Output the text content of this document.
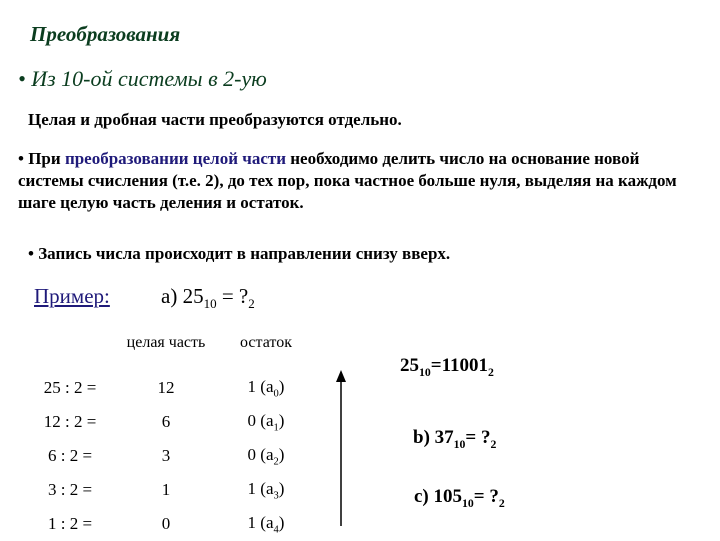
Преобразования
• Из 10-ой системы в 2-ую
Целая и дробная части преобразуются отдельно.
• При преобразовании целой части необходимо делить число на основание новой системы счисления (т.е. 2), до тех пор, пока частное больше нуля, выделяя на каждом шаге целую часть деления и остаток.
• Запись числа происходит в направлении снизу вверх.
Пример: а) $25_{10}$ = $?_2$
	целая часть	остаток
25 : 2 =	12	1 $(a_0)$
12 : 2 =	6	0 $(a_1)$
6 : 2 =	3	0 $(a_2)$
3 : 2 =	1	1 $(a_3)$
1 : 2 =	0	1 $(a_4)$
$25_{10}=11001_2$
b) $37_{10}=$ $?_2$
c) $105_{10}=$ $?_2$
